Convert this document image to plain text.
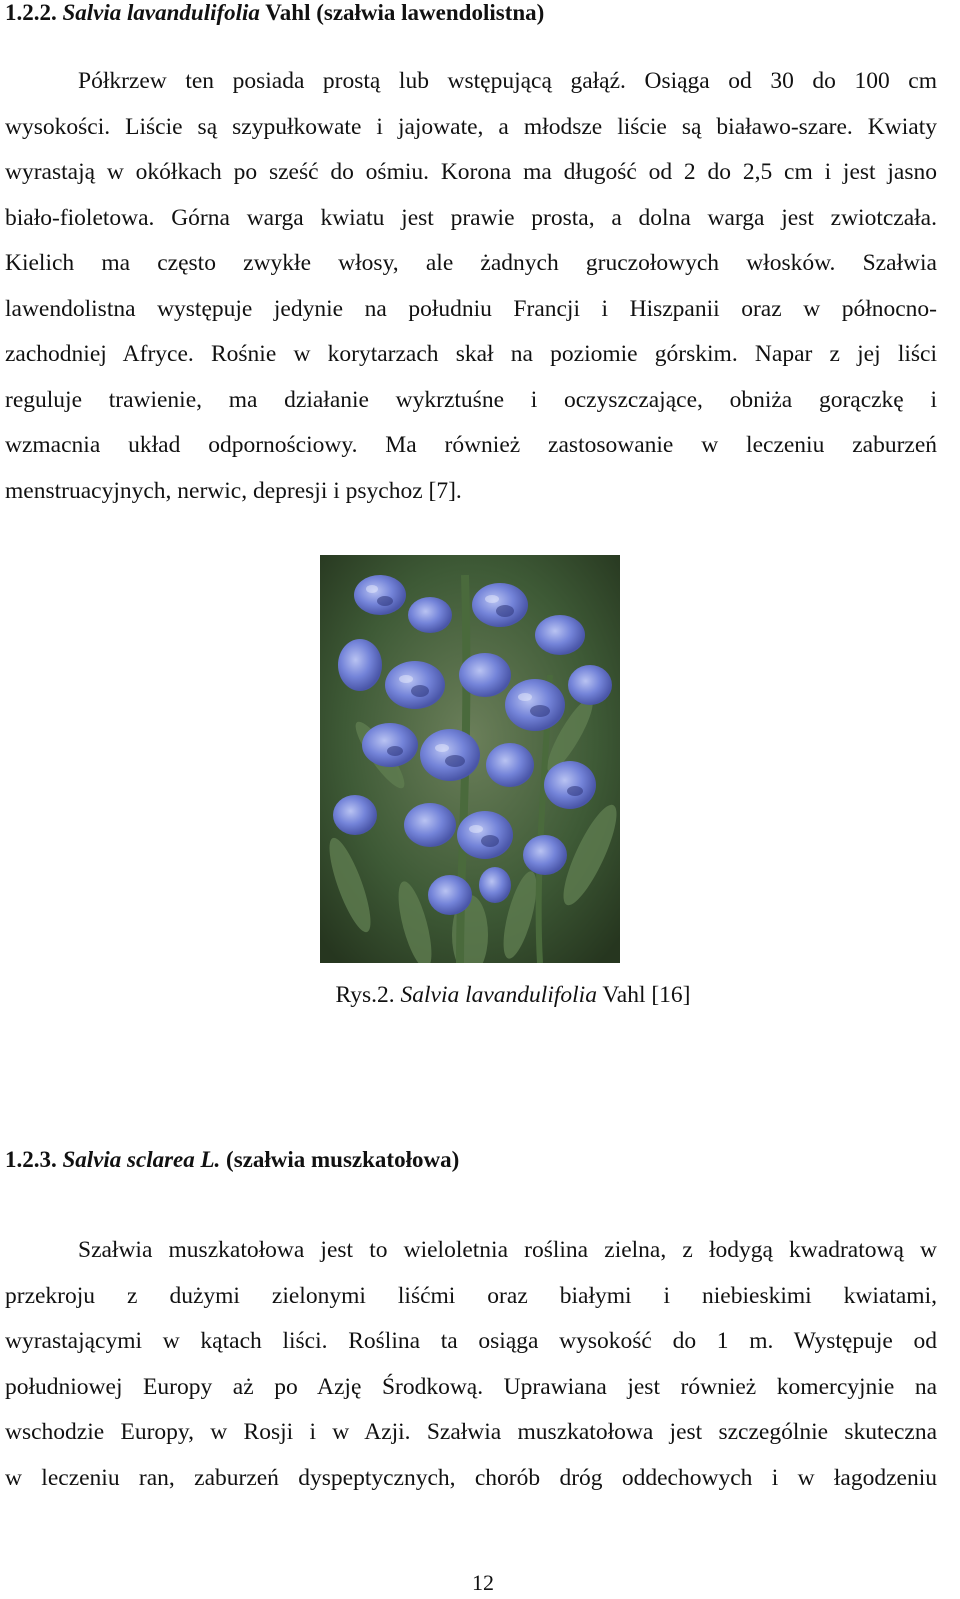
1.2.2. Salvia lavandulifolia Vahl (szałwia lawendolistna)
Półkrzew ten posiada prostą lub wstępującą gałąź. Osiąga od 30 do 100 cm
wysokości. Liście są szypułkowate i jajowate, a młodsze liście są białawo-szare. Kwiaty
wyrastają w okółkach po sześć do ośmiu. Korona ma długość od 2 do 2,5 cm i jest jasno
biało-fioletowa. Górna warga kwiatu jest prawie prosta, a dolna warga jest zwiotczała.
Kielich ma często zwykłe włosy, ale żadnych gruczołowych włosków. Szałwia
lawendolistna występuje jedynie na południu Francji i Hiszpanii oraz w północno-
zachodniej Afryce. Rośnie w korytarzach skał na poziomie górskim. Napar z jej liści
reguluje trawienie, ma działanie wykrztuśne i oczyszczające, obniża gorączkę i
wzmacnia układ odpornościowy. Ma również zastosowanie w leczeniu zaburzeń
menstruacyjnych, nerwic, depresji i psychoz [7].
Rys.2. Salvia lavandulifolia Vahl [16]
1.2.3. Salvia sclarea L. (szałwia muszkatołowa)
Szałwia muszkatołowa jest to wieloletnia roślina zielna, z łodygą kwadratową w
przekroju z dużymi zielonymi liśćmi oraz białymi i niebieskimi kwiatami,
wyrastającymi w kątach liści. Roślina ta osiąga wysokość do 1 m. Występuje od
południowej Europy aż po Azję Środkową. Uprawiana jest również komercyjnie na
wschodzie Europy, w Rosji i w Azji. Szałwia muszkatołowa jest szczególnie skuteczna
w leczeniu ran, zaburzeń dyspeptycznych, chorób dróg oddechowych i w łagodzeniu
12
